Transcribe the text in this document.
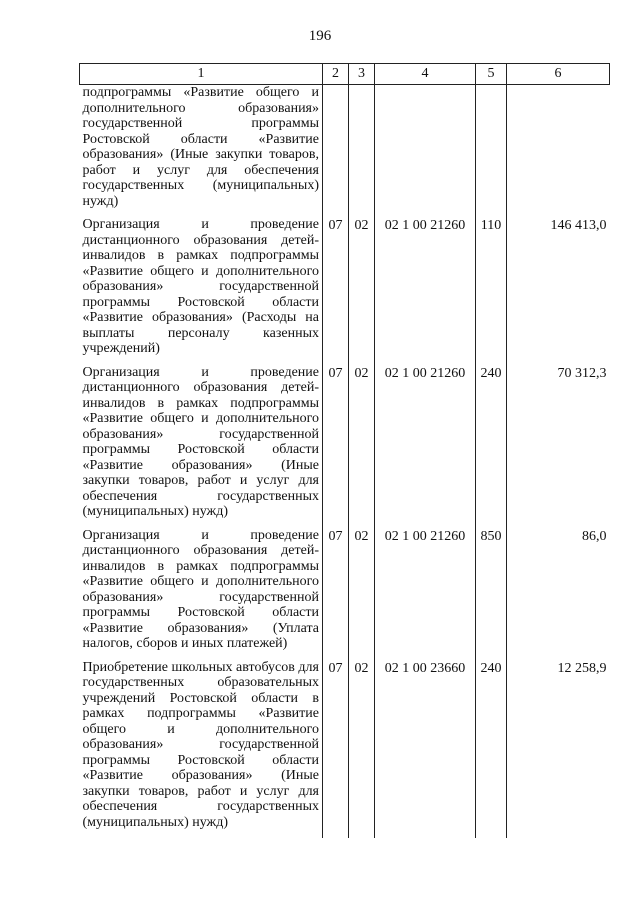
196
1	2	3	4	5	6
подпрограммы «Развитие общего и дополнительного образования» государственной программы Ростовской области «Развитие образования» (Иные закупки товаров, работ и услуг для обеспечения государственных (муниципальных) нужд)					
Организация и проведение дистанционного образования детей-инвалидов в рамках подпрограммы «Развитие общего и дополнительного образования» государственной программы Ростовской области «Развитие образования» (Расходы на выплаты персоналу казенных учреждений)	07	02	02 1 00 21260	110	146 413,0
Организация и проведение дистанционного образования детей-инвалидов в рамках подпрограммы «Развитие общего и дополнительного образования» государственной программы Ростовской области «Развитие образования» (Иные закупки товаров, работ и услуг для обеспечения государственных (муниципальных) нужд)	07	02	02 1 00 21260	240	70 312,3
Организация и проведение дистанционного образования детей-инвалидов в рамках подпрограммы «Развитие общего и дополнительного образования» государственной программы Ростовской области «Развитие образования» (Уплата налогов, сборов и иных платежей)	07	02	02 1 00 21260	850	86,0
Приобретение школьных автобусов для государственных образовательных учреждений Ростовской области в рамках подпрограммы «Развитие общего и дополнительного образования» государственной программы Ростовской области «Развитие образования» (Иные закупки товаров, работ и услуг для обеспечения государственных (муниципальных) нужд)	07	02	02 1 00 23660	240	12 258,9
